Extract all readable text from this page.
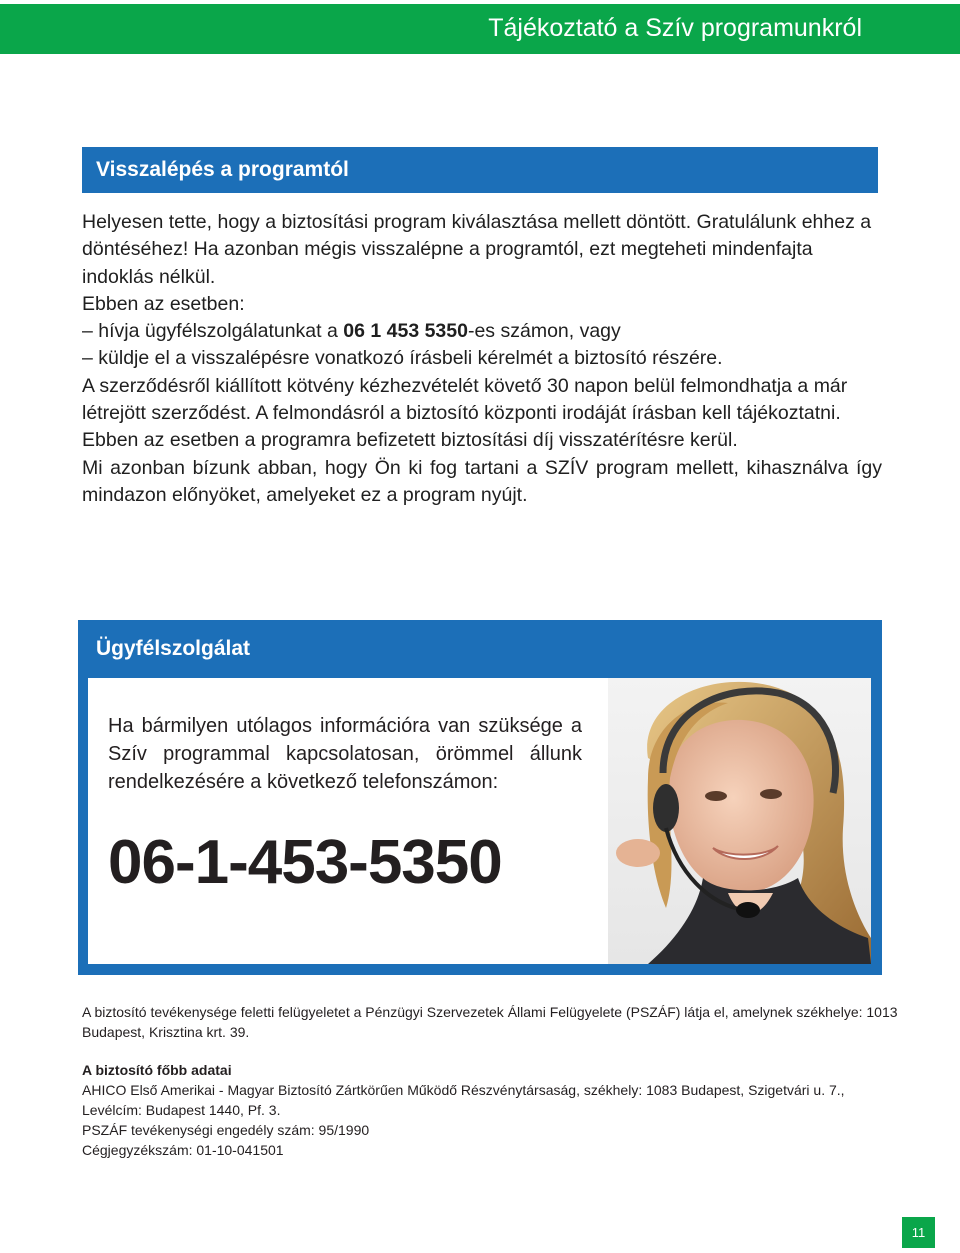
Tájékoztató a Szív programunkról
Visszalépés a programtól

Helyesen tette, hogy a biztosítási program kiválasztása mellett döntött. Gratulálunk ehhez a döntéséhez! Ha azonban mégis visszalépne a programtól, ezt megteheti mindenfajta indoklás nélkül.

Ebben az esetben:

– hívja ügyfélszolgálatunkat a 06 1 453 5350-es számon, vagy

– küldje el a visszalépésre vonatkozó írásbeli kérelmét a biztosító részére.

A szerződésről kiállított kötvény kézhezvételét követő 30 napon belül felmondhatja a már létrejött szerződést. A felmondásról a biztosító központi irodáját írásban kell tájékoztatni. Ebben az esetben a programra befizetett biztosítási díj visszatérítésre kerül.

Mi azonban bízunk abban, hogy Ön ki fog tartani a SZÍV program mellett, kihasználva így mindazon előnyöket, amelyeket ez a program nyújt.

Ügyfélszolgálat
Ha bármilyen utólagos információra van szüksége a Szív programmal kapcsolatosan, örömmel állunk rendelkezésére a következő telefonszámon:
06-1-453-5350

A biztosító tevékenysége feletti felügyeletet a Pénzügyi Szervezetek Állami Felügyelete (PSZÁF) látja el, amelynek székhelye: 1013 Budapest, Krisztina krt. 39.

A biztosító főbb adatai

AHICO Első Amerikai - Magyar Biztosító Zártkörűen Működő Részvénytársaság, székhely: 1083 Budapest, Szigetvári u. 7., Levélcím: Budapest 1440, Pf. 3.

PSZÁF tevékenységi engedély szám: 95/1990

Cégjegyzékszám: 01-10-041501

11
